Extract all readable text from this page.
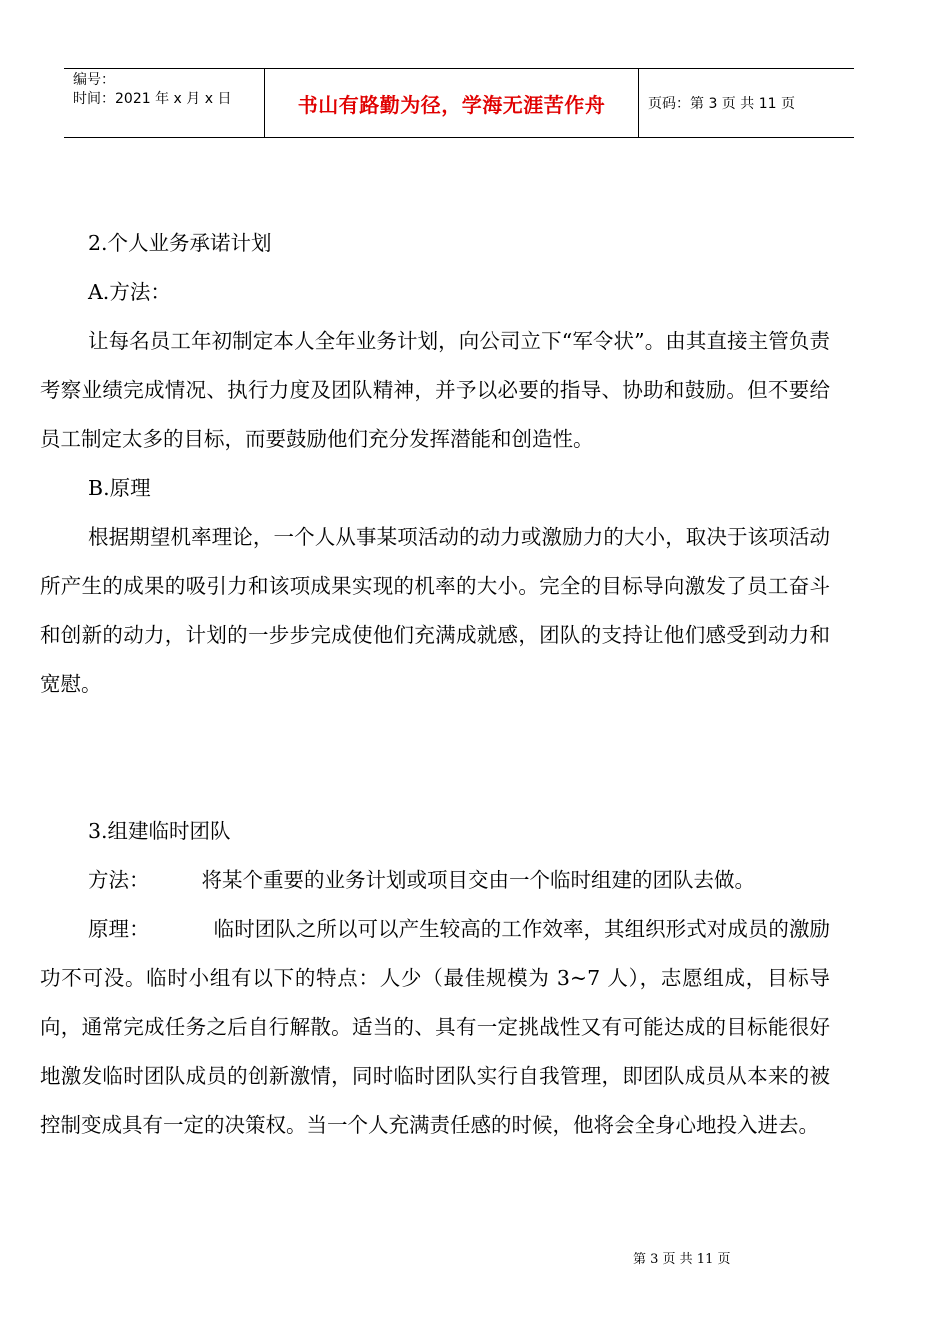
编号：
时间：2021 年 x 月 x 日	书山有路勤为径，学海无涯苦作舟	页码：第 3 页 共 11 页

2.个人业务承诺计划

A.方法：

让每名员工年初制定本人全年业务计划，向公司立下“军令状”。由其直接主管负责考察业绩完成情况、执行力度及团队精神，并予以必要的指导、协助和鼓励。但不要给员工制定太多的目标，而要鼓励他们充分发挥潜能和创造性。

B.原理

根据期望机率理论，一个人从事某项活动的动力或激励力的大小，取决于该项活动所产生的成果的吸引力和该项成果实现的机率的大小。完全的目标导向激发了员工奋斗和创新的动力，计划的一步步完成使他们充满成就感，团队的支持让他们感受到动力和宽慰。

3.组建临时团队

方法：	将某个重要的业务计划或项目交由一个临时组建的团队去做。

原理：	临时团队之所以可以产生较高的工作效率，其组织形式对成员的激励功不可没。临时小组有以下的特点：人少（最佳规模为 3~7 人），志愿组成，目标导向，通常完成任务之后自行解散。适当的、具有一定挑战性又有可能达成的目标能很好地激发临时团队成员的创新激情，同时临时团队实行自我管理，即团队成员从本来的被控制变成具有一定的决策权。当一个人充满责任感的时候，他将会全身心地投入进去。

第 3 页 共 11 页
